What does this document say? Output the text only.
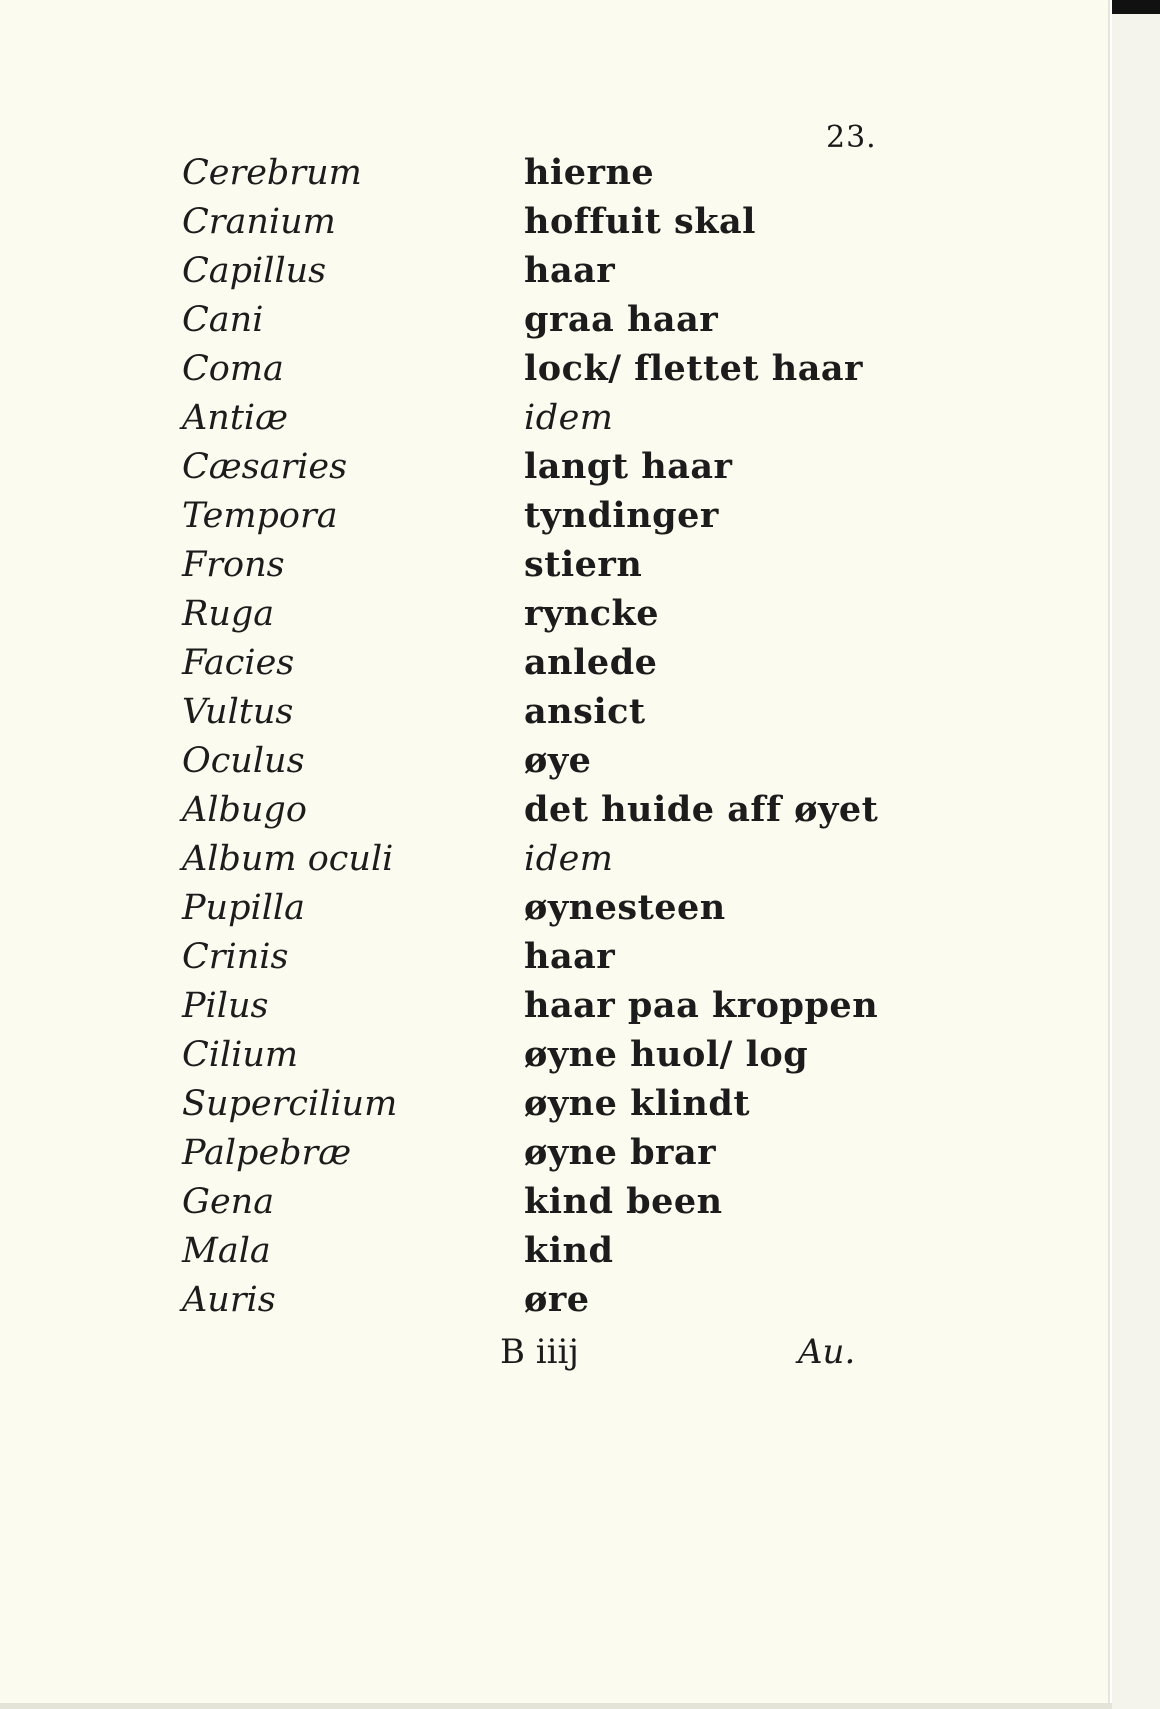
23.
Cerebrum	hierne
Cranium	hoffuit skal
Capillus	haar
Cani	graa haar
Coma	lock/ flettet haar
Antiæ	idem
Cæsaries	langt haar
Tempora	tyndinger
Frons	stiern
Ruga	ryncke
Facies	anlede
Vultus	ansict
Oculus	øye
Albugo	det huide aff øyet
Album oculi	idem
Pupilla	øynesteen
Crinis	haar
Pilus	haar paa kroppen
Cilium	øyne huol/ log
Supercilium	øyne klindt
Palpebræ	øyne brar
Gena	kind been
Mala	kind
Auris	øre
B iiij	Au.
